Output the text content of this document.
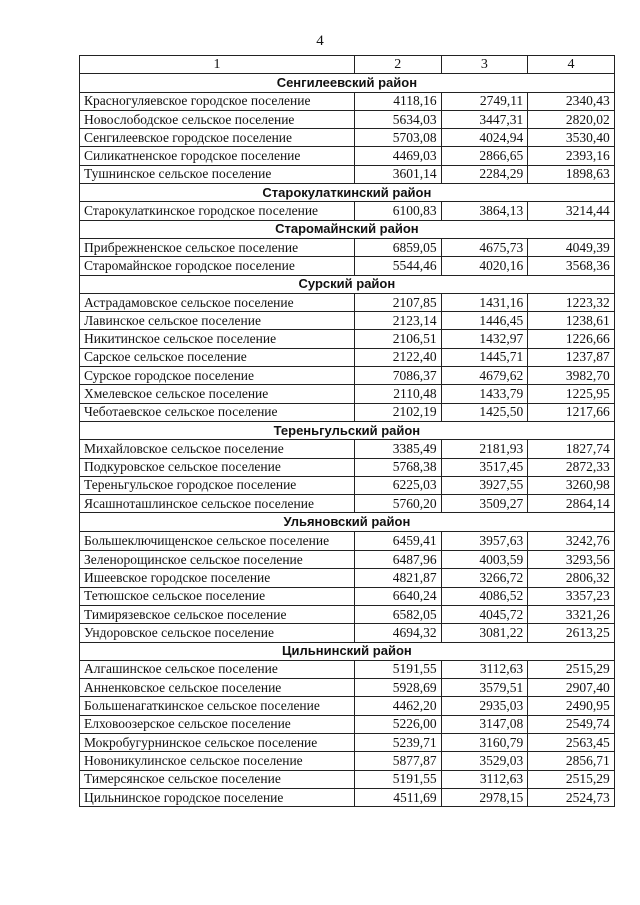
4
1	2	3	4
Сенгилеевский район			
Красногуляевское городское поселение	4118,16	2749,11	2340,43
Новослободское сельское поселение	5634,03	3447,31	2820,02
Сенгилеевское городское поселение	5703,08	4024,94	3530,40
Силикатненское городское поселение	4469,03	2866,65	2393,16
Тушнинское сельское поселение	3601,14	2284,29	1898,63
Старокулаткинский район			
Старокулаткинское городское поселение	6100,83	3864,13	3214,44
Старомайнский район			
Прибрежненское сельское поселение	6859,05	4675,73	4049,39
Старомайнское городское поселение	5544,46	4020,16	3568,36
Сурский район			
Астрадамовское сельское поселение	2107,85	1431,16	1223,32
Лавинское сельское поселение	2123,14	1446,45	1238,61
Никитинское сельское поселение	2106,51	1432,97	1226,66
Сарское сельское поселение	2122,40	1445,71	1237,87
Сурское городское поселение	7086,37	4679,62	3982,70
Хмелевское сельское поселение	2110,48	1433,79	1225,95
Чеботаевское сельское поселение	2102,19	1425,50	1217,66
Тереньгульский район			
Михайловское сельское поселение	3385,49	2181,93	1827,74
Подкуровское сельское поселение	5768,38	3517,45	2872,33
Тереньгульское городское поселение	6225,03	3927,55	3260,98
Ясашноташлинское сельское поселение	5760,20	3509,27	2864,14
Ульяновский район			
Большеключищенское сельское поселение	6459,41	3957,63	3242,76
Зеленорощинское сельское поселение	6487,96	4003,59	3293,56
Ишеевское городское поселение	4821,87	3266,72	2806,32
Тетюшское сельское поселение	6640,24	4086,52	3357,23
Тимирязевское сельское поселение	6582,05	4045,72	3321,26
Ундоровское сельское поселение	4694,32	3081,22	2613,25
Цильнинский район			
Алгашинское сельское поселение	5191,55	3112,63	2515,29
Анненковское сельское поселение	5928,69	3579,51	2907,40
Большенагаткинское сельское поселение	4462,20	2935,03	2490,95
Елховоозерское сельское поселение	5226,00	3147,08	2549,74
Мокробугурнинское сельское поселение	5239,71	3160,79	2563,45
Новоникулинское сельское поселение	5877,87	3529,03	2856,71
Тимерсянское сельское поселение	5191,55	3112,63	2515,29
Цильнинское городское поселение	4511,69	2978,15	2524,73
